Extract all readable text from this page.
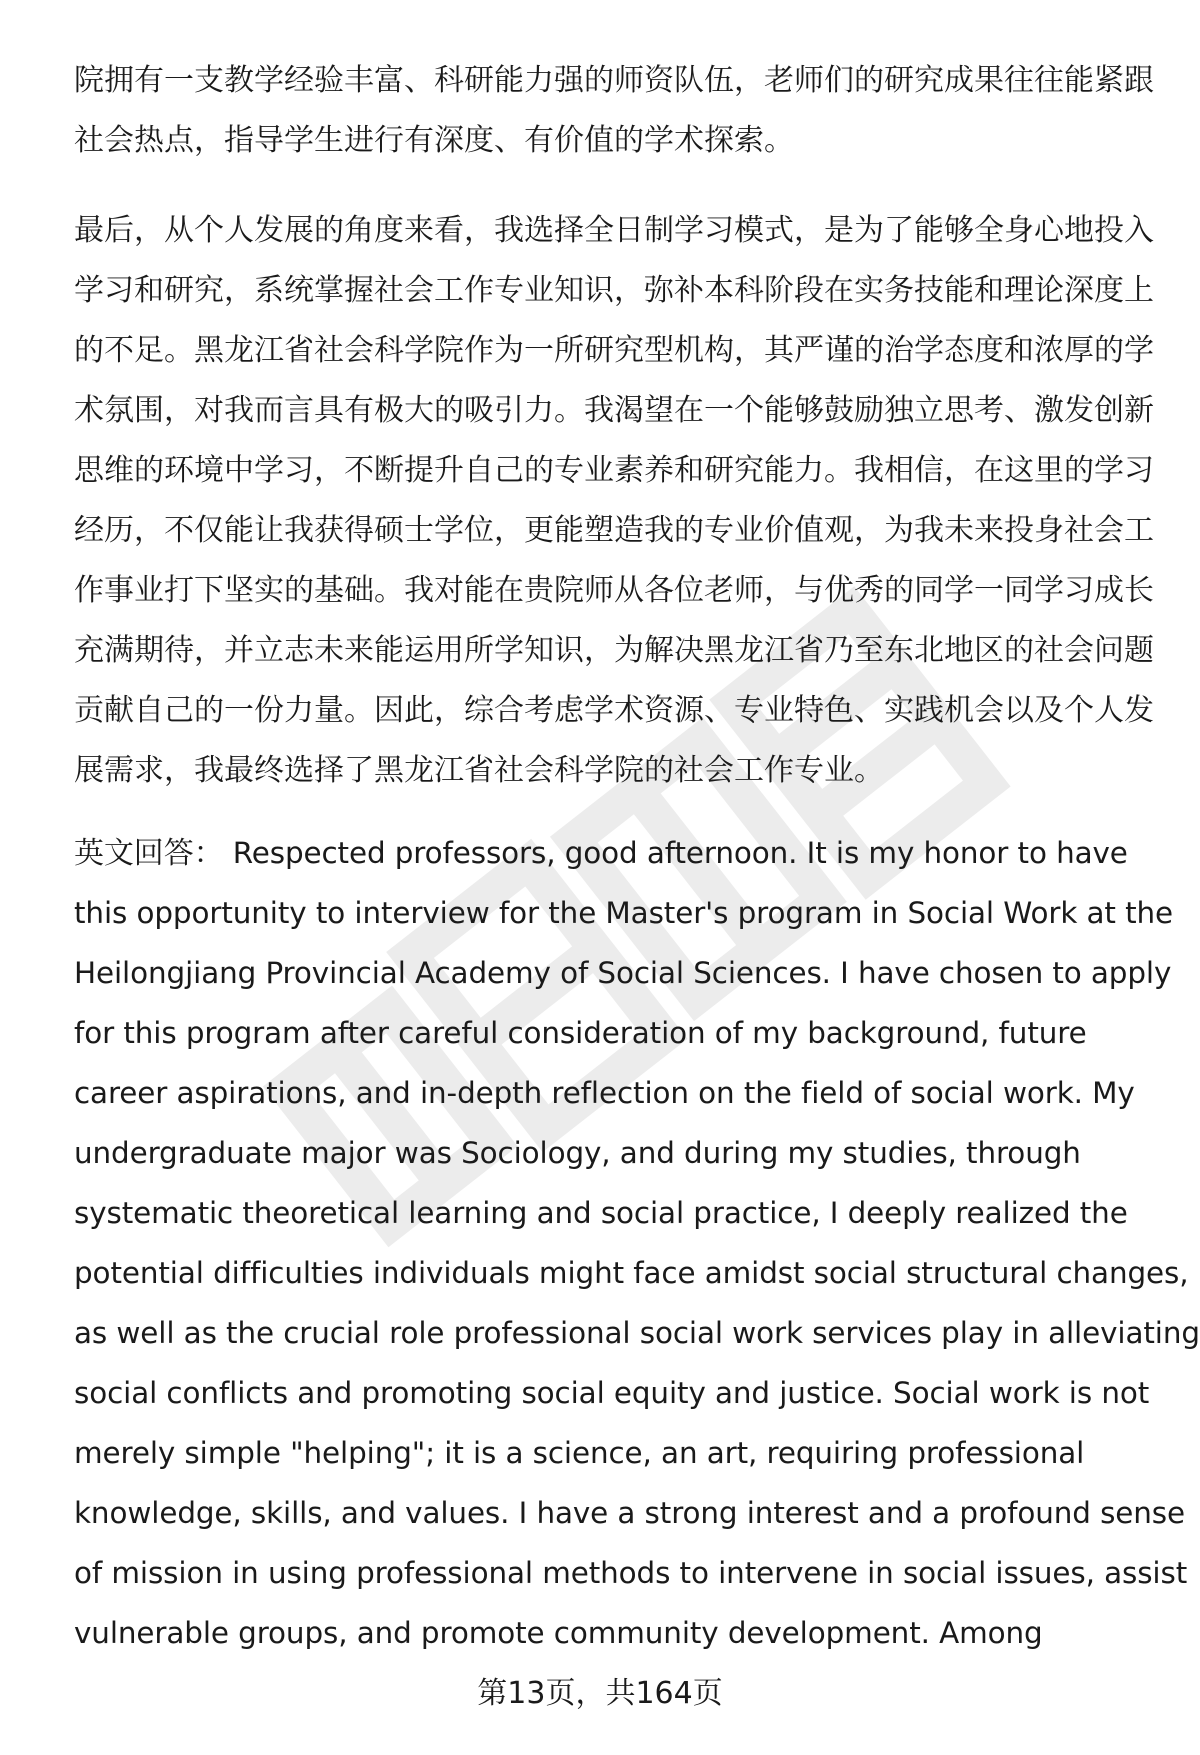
院拥有一支教学经验丰富、科研能力强的师资队伍，老师们的研究成果往往能紧跟
社会热点，指导学生进行有深度、有价值的学术探索。
最后，从个人发展的角度来看，我选择全日制学习模式，是为了能够全身心地投入
学习和研究，系统掌握社会工作专业知识，弥补本科阶段在实务技能和理论深度上
的不足。黑龙江省社会科学院作为一所研究型机构，其严谨的治学态度和浓厚的学
术氛围，对我而言具有极大的吸引力。我渴望在一个能够鼓励独立思考、激发创新
思维的环境中学习，不断提升自己的专业素养和研究能力。我相信，在这里的学习
经历，不仅能让我获得硕士学位，更能塑造我的专业价值观，为我未来投身社会工
作事业打下坚实的基础。我对能在贵院师从各位老师，与优秀的同学一同学习成长
充满期待，并立志未来能运用所学知识，为解决黑龙江省乃至东北地区的社会问题
贡献自己的一份力量。因此，综合考虑学术资源、专业特色、实践机会以及个人发
展需求，我最终选择了黑龙江省社会科学院的社会工作专业。
英文回答： Respected professors, good afternoon. It is my honor to have
this opportunity to interview for the Master's program in Social Work at the
Heilongjiang Provincial Academy of Social Sciences. I have chosen to apply
for this program after careful consideration of my background, future
career aspirations, and in-depth reflection on the field of social work. My
undergraduate major was Sociology, and during my studies, through
systematic theoretical learning and social practice, I deeply realized the
potential difficulties individuals might face amidst social structural changes,
as well as the crucial role professional social work services play in alleviating
social conflicts and promoting social equity and justice. Social work is not
merely simple "helping"; it is a science, an art, requiring professional
knowledge, skills, and values. I have a strong interest and a profound sense
of mission in using professional methods to intervene in social issues, assist
vulnerable groups, and promote community development. Among
第13页，共164页
